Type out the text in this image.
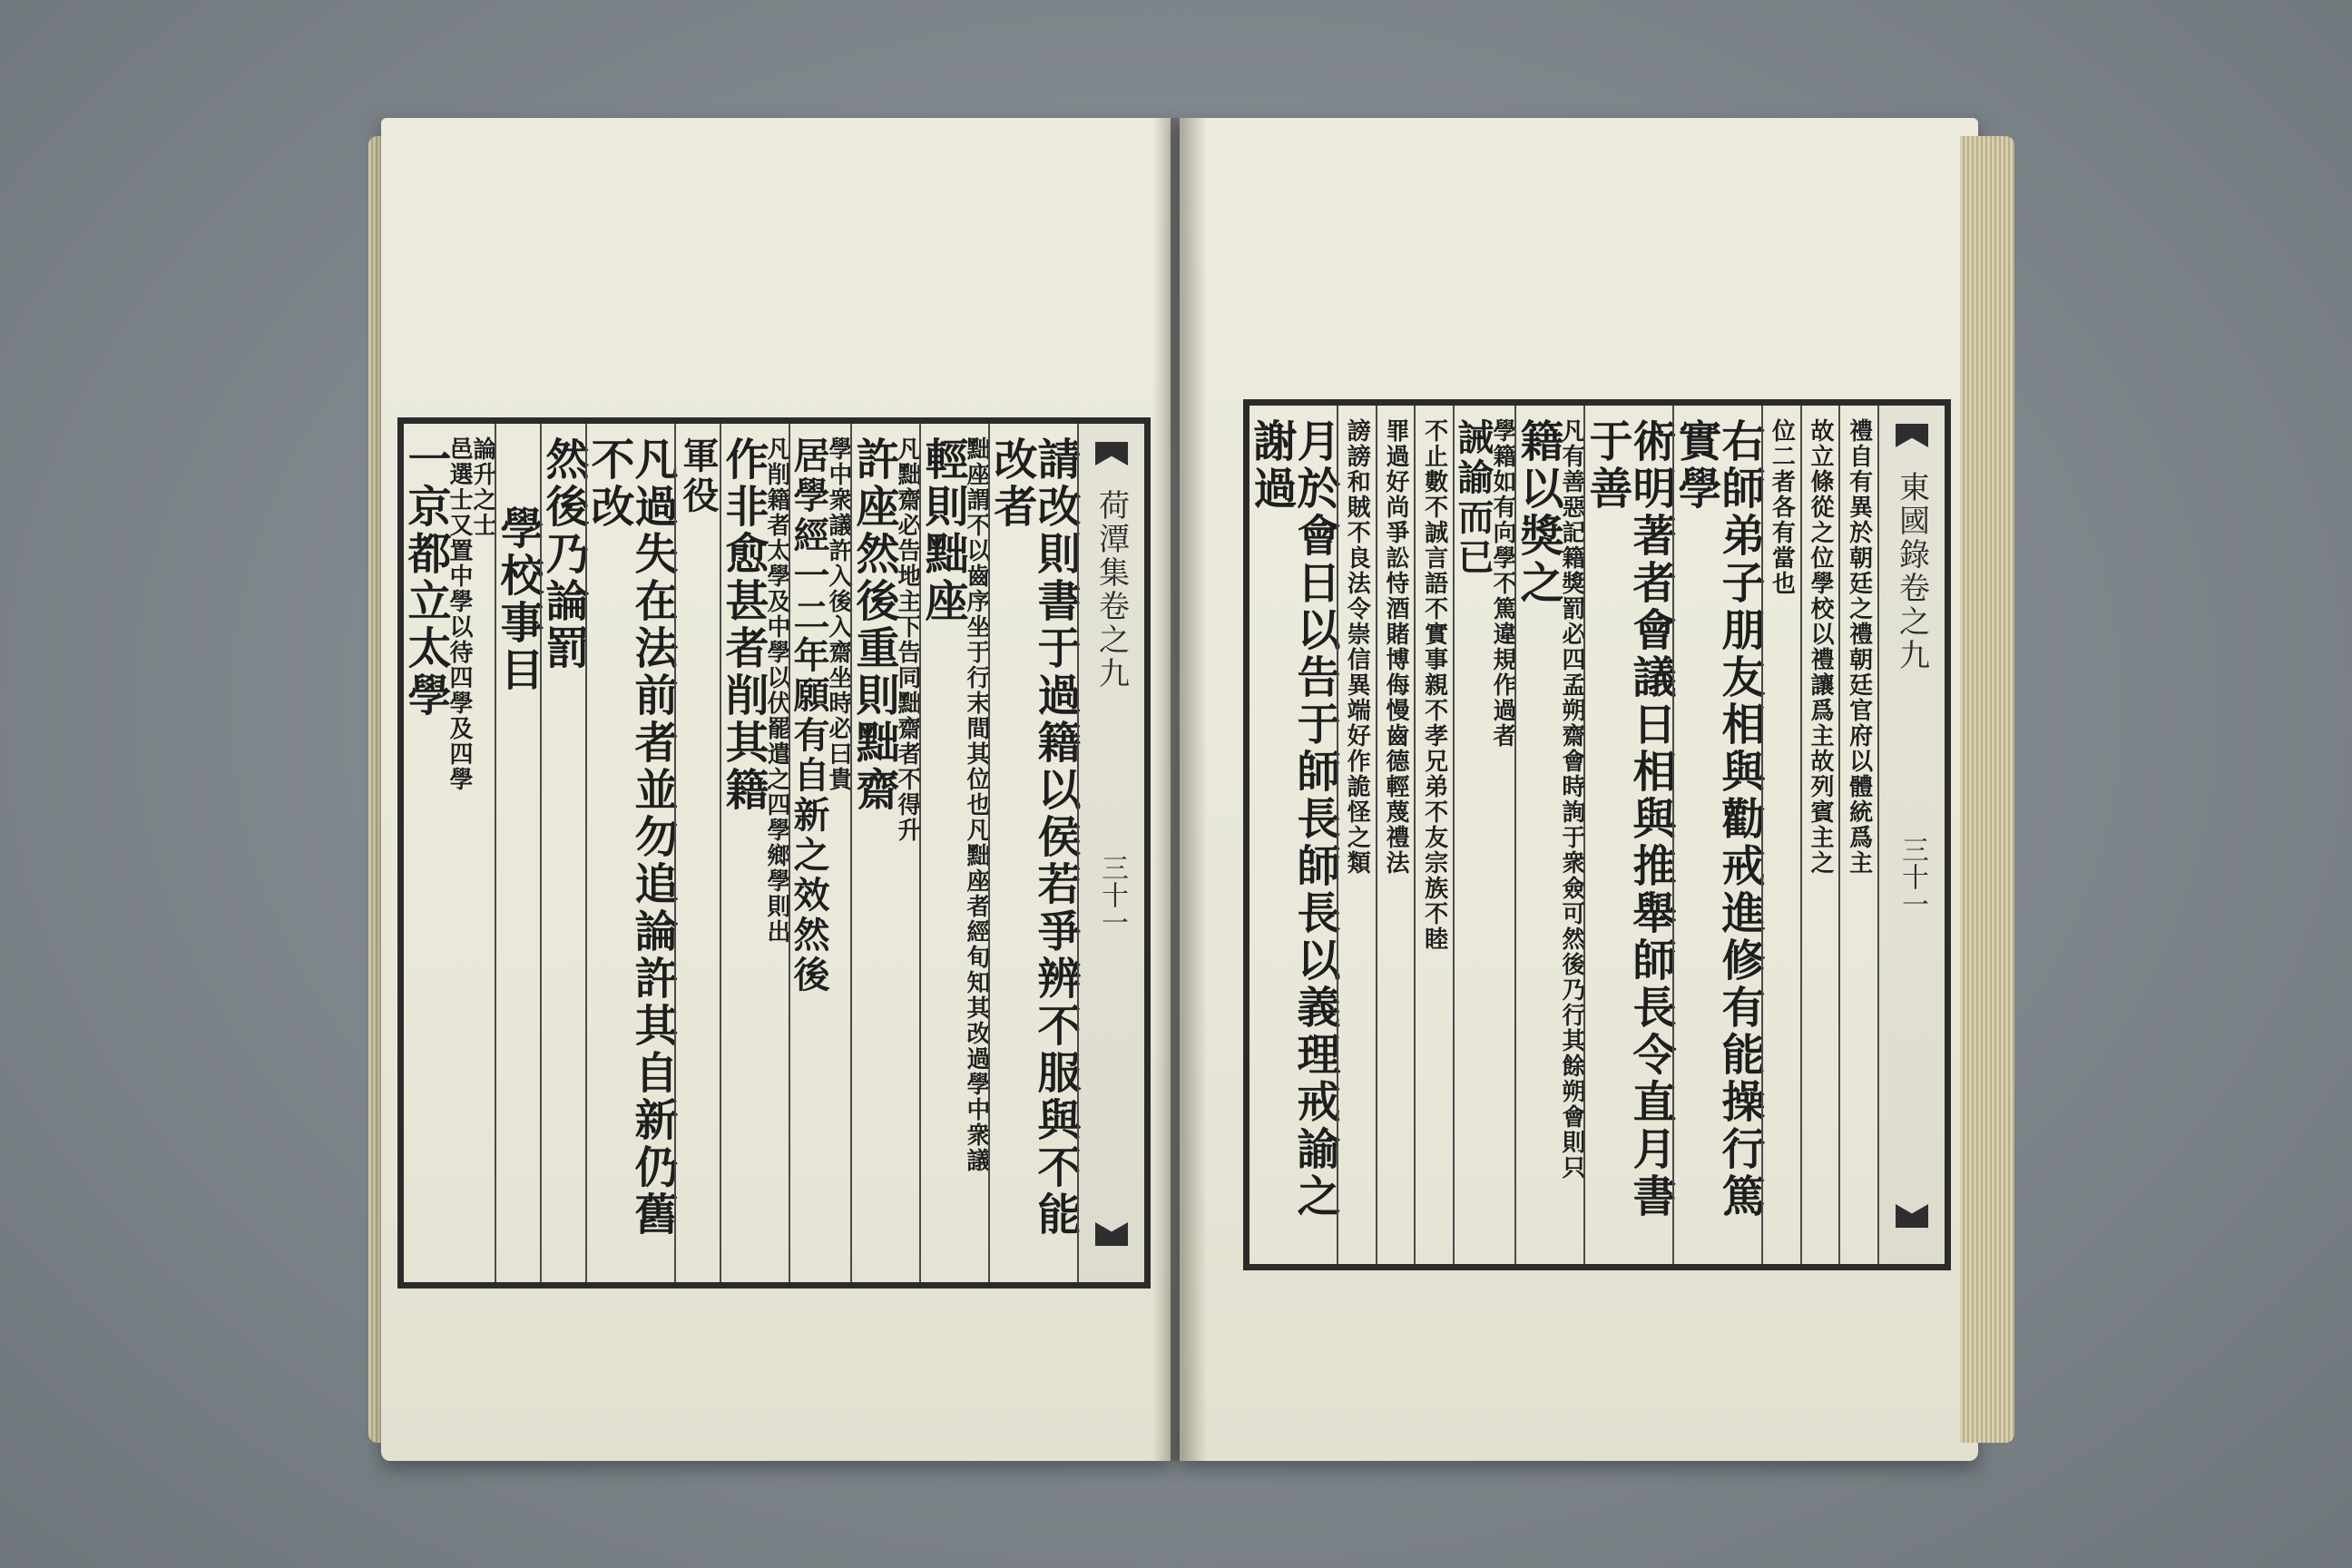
荷潭集卷之九
三十一
請改則書于過籍以侯若爭辨不服與不能改者
輕則黜座
黜座謂不以齒序坐于行末間其位也凡黜座者經旬知其改過學中衆議
許座然後重則黜齋
凡黜齋必告地主下告同黜齋者不得升
居學經一二年願有自新之效然後
學中衆議許入後入齋坐時必曰貴
作非愈甚者削其籍
凡削籍者太學及中學以伏罷遣之四學鄉學則出
軍役
凡過失在法前者並勿追論許其自新仍舊不改
然後乃論罰
學校事目
一京都立太學
邑選士又置中學以待四學及四學
論升之士	東國錄卷之九
三十一
禮自有異於朝廷之禮朝廷官府以體統爲主
故立條從之位學校以禮讓爲主故列賓主之
位二者各有當也
右師弟子朋友相與勸戒進修有能操行篤實學
術明著者會議日相與推舉師長令直月書于善
籍以獎之
凡有善惡記籍獎罰必四孟朔齋會時詢于衆僉可然後乃行其餘朔會則只
誡諭而已
學籍如有向學不篤違規作過者
不止數不誠言語不實事親不孝兄弟不友宗族不睦
罪過好尚爭訟恃酒賭博侮慢齒德輕蔑禮法
謗謗和賊不良法令崇信異端好作詭怪之類
月於會日以告于師長師長以義理戒諭之謝過
